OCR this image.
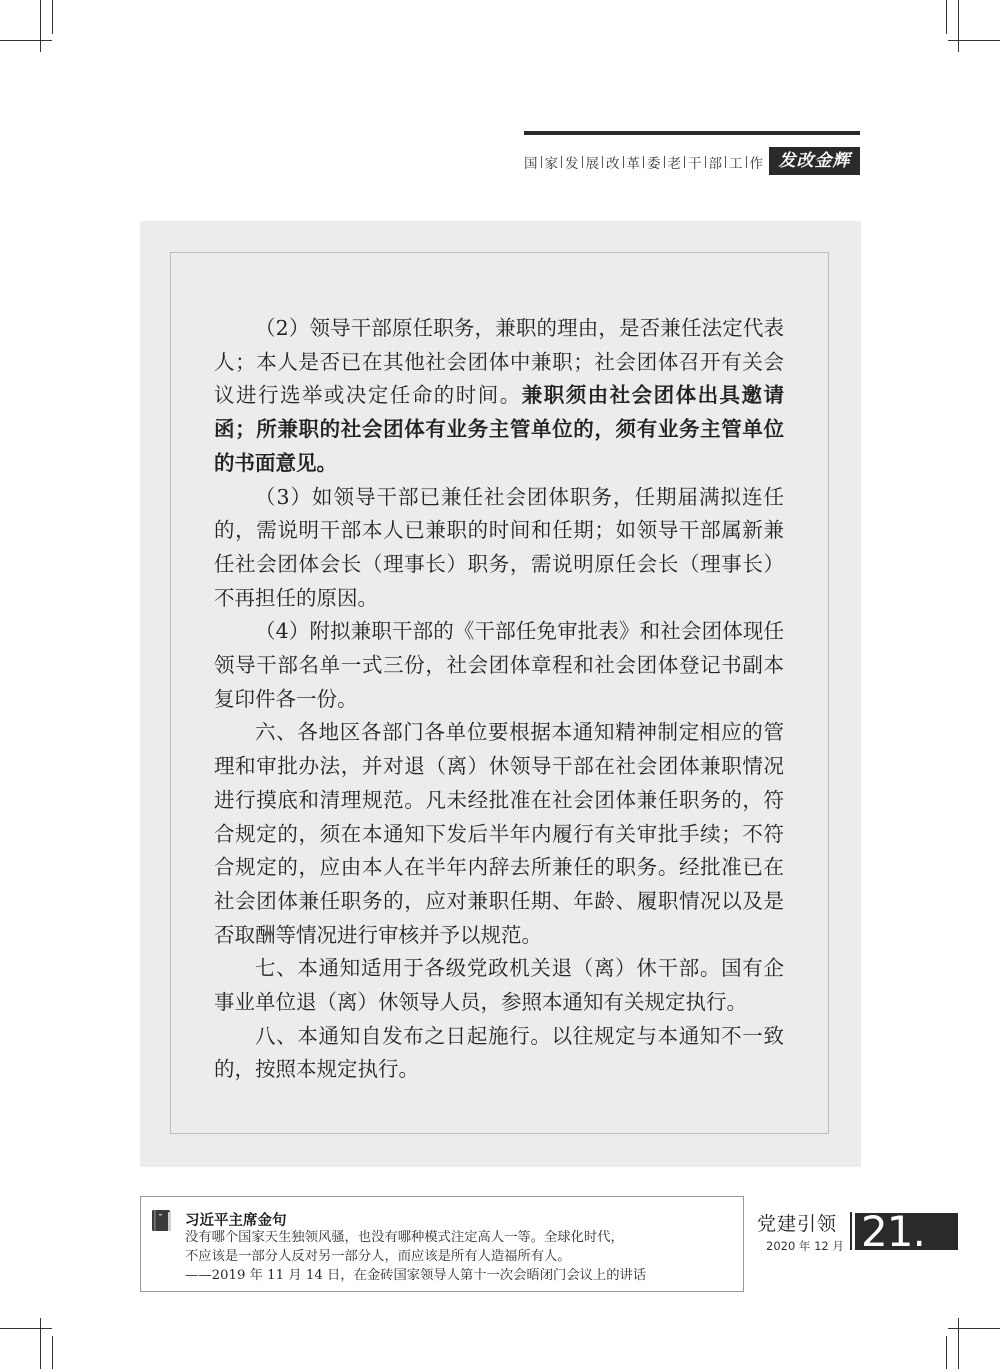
国 家 发 展 改 革 委 老 干 部 工 作 发改金辉

（2）领导干部原任职务，兼职的理由，是否兼任法定代表人；本人是否已在其他社会团体中兼职；社会团体召开有关会议进行选举或决定任命的时间。兼职须由社会团体出具邀请函；所兼职的社会团体有业务主管单位的，须有业务主管单位的书面意见。

（3）如领导干部已兼任社会团体职务，任期届满拟连任的，需说明干部本人已兼职的时间和任期；如领导干部属新兼任社会团体会长（理事长）职务，需说明原任会长（理事长）不再担任的原因。

（4）附拟兼职干部的《干部任免审批表》和社会团体现任领导干部名单一式三份，社会团体章程和社会团体登记书副本复印件各一份。

六、各地区各部门各单位要根据本通知精神制定相应的管理和审批办法，并对退（离）休领导干部在社会团体兼职情况进行摸底和清理规范。凡未经批准在社会团体兼任职务的，符合规定的，须在本通知下发后半年内履行有关审批手续；不符合规定的，应由本人在半年内辞去所兼任的职务。经批准已在社会团体兼任职务的，应对兼职任期、年龄、履职情况以及是否取酬等情况进行审核并予以规范。

七、本通知适用于各级党政机关退（离）休干部。国有企事业单位退（离）休领导人员，参照本通知有关规定执行。

八、本通知自发布之日起施行。以往规定与本通知不一致的，按照本规定执行。

习近平主席金句
没有哪个国家天生独领风骚，也没有哪种模式注定高人一等。全球化时代，
不应该是一部分人反对另一部分人，而应该是所有人造福所有人。
——2019 年 11 月 14 日，在金砖国家领导人第十一次会晤闭门会议上的讲话
党建引领
2020 年 12 月 21.
